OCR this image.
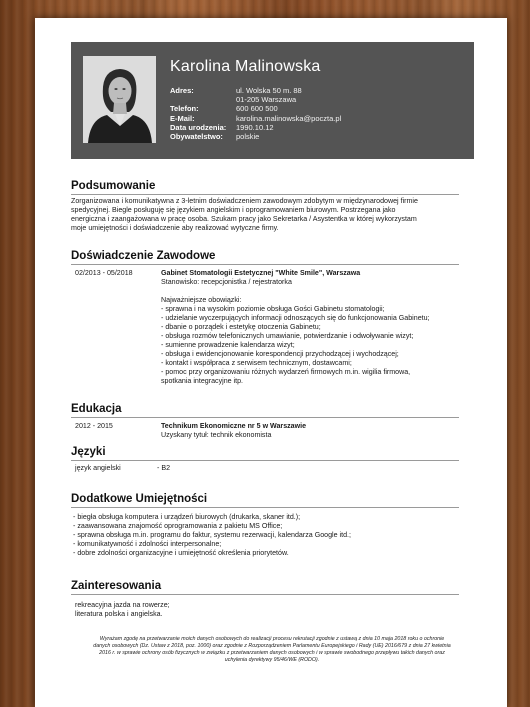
Karolina Malinowska
Adres:	ul. Wolska 50 m. 88
01-205 Warszawa
Telefon:	600 600 500
E-Mail:	karolina.malinowska@poczta.pl
Data urodzenia:	1990.10.12
Obywatelstwo:	polskie
Podsumowanie
Zorganizowana i komunikatywna z 3-letnim doświadczeniem zawodowym zdobytym w międzynarodowej firmie
spedycyjnej. Biegle posługuję się językiem angielskim i oprogramowaniem biurowym. Postrzegana jako
energiczna i zaangażowana w pracę osoba. Szukam pracy jako Sekretarka / Asystentka w której wykorzystam
moje umiejętności i doświadczenie aby realizować wytyczne firmy.
Doświadczenie Zawodowe
02/2013 - 05/2018	Gabinet Stomatologii Estetycznej "White Smile", Warszawa
Stanowisko: recepcjonistka / rejestratorka
Najważniejsze obowiązki:
- sprawna i na wysokim poziomie obsługa Gości Gabinetu stomatologii;
- udzielanie wyczerpujących informacji odnoszących się do funkcjonowania Gabinetu;
- dbanie o porządek i estetykę otoczenia Gabinetu;
- obsługa rozmów telefonicznych umawianie, potwierdzanie i odwoływanie wizyt;
- sumienne prowadzenie kalendarza wizyt;
- obsługa i ewidencjonowanie korespondencji przychodzącej i wychodzącej;
- kontakt i współpraca z serwisem technicznym, dostawcami;
- pomoc przy organizowaniu różnych wydarzeń firmowych m.in. wigilia firmowa,
spotkania integracyjne itp.
Edukacja
2012 - 2015	Technikum Ekonomiczne nr 5 w Warszawie
Uzyskany tytuł: technik ekonomista
Języki
język angielski	- B2
Dodatkowe Umiejętności
- biegła obsługa komputera i urządzeń biurowych (drukarka, skaner itd.);
- zaawansowana znajomość oprogramowania z pakietu MS Office;
- sprawna obsługa m.in. programu do faktur, systemu rezerwacji, kalendarza Google itd.;
- komunikatywność i zdolności interpersonalne;
- dobre zdolności organizacyjne i umiejętność określenia priorytetów.
Zainteresowania
rekreacyjna jazda na rowerze;
literatura polska i angielska.
Wyrażam zgodę na przetwarzanie moich danych osobowych do realizacji procesu rekrutacji zgodnie z ustawą z dnia 10 maja 2018 roku o ochronie danych osobowych (Dz. Ustaw z 2018, poz. 1000) oraz zgodnie z Rozporządzeniem Parlamentu Europejskiego i Rady (UE) 2016/679 z dnia 27 kwietnia 2016 r. w sprawie ochrony osób fizycznych w związku z przetwarzaniem danych osobowych i w sprawie swobodnego przepływu takich danych oraz uchylenia dyrektywy 95/46/WE (RODO).
